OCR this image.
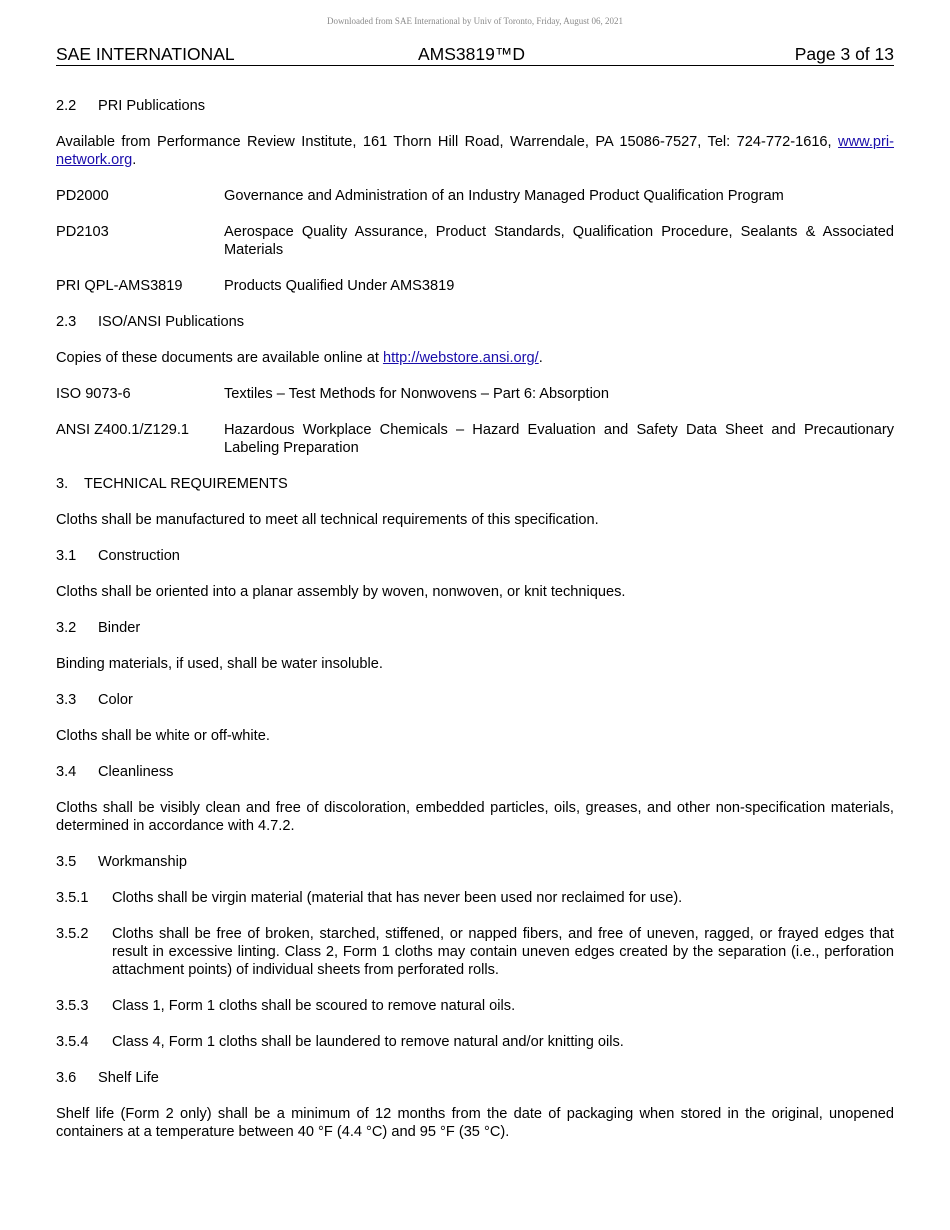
Downloaded from SAE International by Univ of Toronto, Friday, August 06, 2021
SAE INTERNATIONAL	AMS3819™D	Page 3 of 13
2.2 PRI Publications

Available from Performance Review Institute, 161 Thorn Hill Road, Warrendale, PA 15086-7527, Tel: 724-772-1616, www.pri-network.org.

PD2000	Governance and Administration of an Industry Managed Product Qualification Program
PD2103	Aerospace Quality Assurance, Product Standards, Qualification Procedure, Sealants & Associated Materials
PRI QPL-AMS3819	Products Qualified Under AMS3819
2.3 ISO/ANSI Publications

Copies of these documents are available online at http://webstore.ansi.org/.

ISO 9073-6	Textiles – Test Methods for Nonwovens – Part 6: Absorption
ANSI Z400.1/Z129.1	Hazardous Workplace Chemicals – Hazard Evaluation and Safety Data Sheet and Precautionary Labeling Preparation
3. TECHNICAL REQUIREMENTS

Cloths shall be manufactured to meet all technical requirements of this specification.

3.1 Construction

Cloths shall be oriented into a planar assembly by woven, nonwoven, or knit techniques.

3.2 Binder

Binding materials, if used, shall be water insoluble.

3.3 Color

Cloths shall be white or off-white.

3.4 Cleanliness

Cloths shall be visibly clean and free of discoloration, embedded particles, oils, greases, and other non-specification materials, determined in accordance with 4.7.2.

3.5 Workmanship
3.5.1	Cloths shall be virgin material (material that has never been used nor reclaimed for use).
3.5.2	Cloths shall be free of broken, starched, stiffened, or napped fibers, and free of uneven, ragged, or frayed edges that result in excessive linting. Class 2, Form 1 cloths may contain uneven edges created by the separation (i.e., perforation attachment points) of individual sheets from perforated rolls.
3.5.3	Class 1, Form 1 cloths shall be scoured to remove natural oils.
3.5.4	Class 4, Form 1 cloths shall be laundered to remove natural and/or knitting oils.
3.6 Shelf Life

Shelf life (Form 2 only) shall be a minimum of 12 months from the date of packaging when stored in the original, unopened containers at a temperature between 40 °F (4.4 °C) and 95 °F (35 °C).
